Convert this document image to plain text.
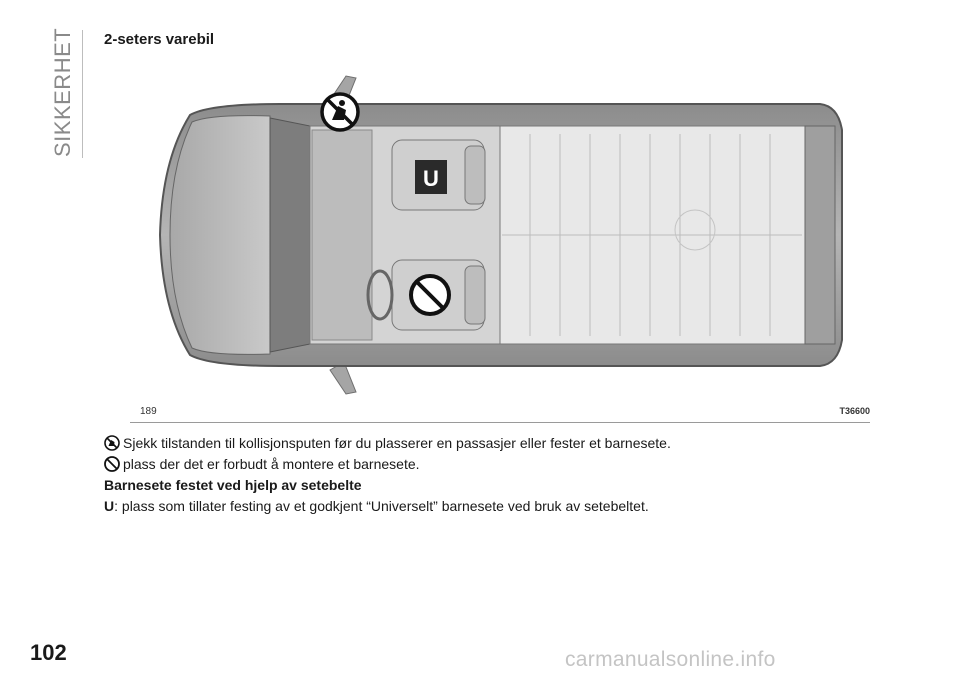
SIKKERHET	2-seters varebil
U
189	T36600

Sjekk tilstanden til kollisjonsputen før du plasserer en passasjer eller fester et barnesete.

plass der det er forbudt å montere et barnesete.

Barnesete festet ved hjelp av setebelte

U: plass som tillater festing av et godkjent “Universelt” barnesete ved bruk av setebeltet.

102	carmanualsonline.info
